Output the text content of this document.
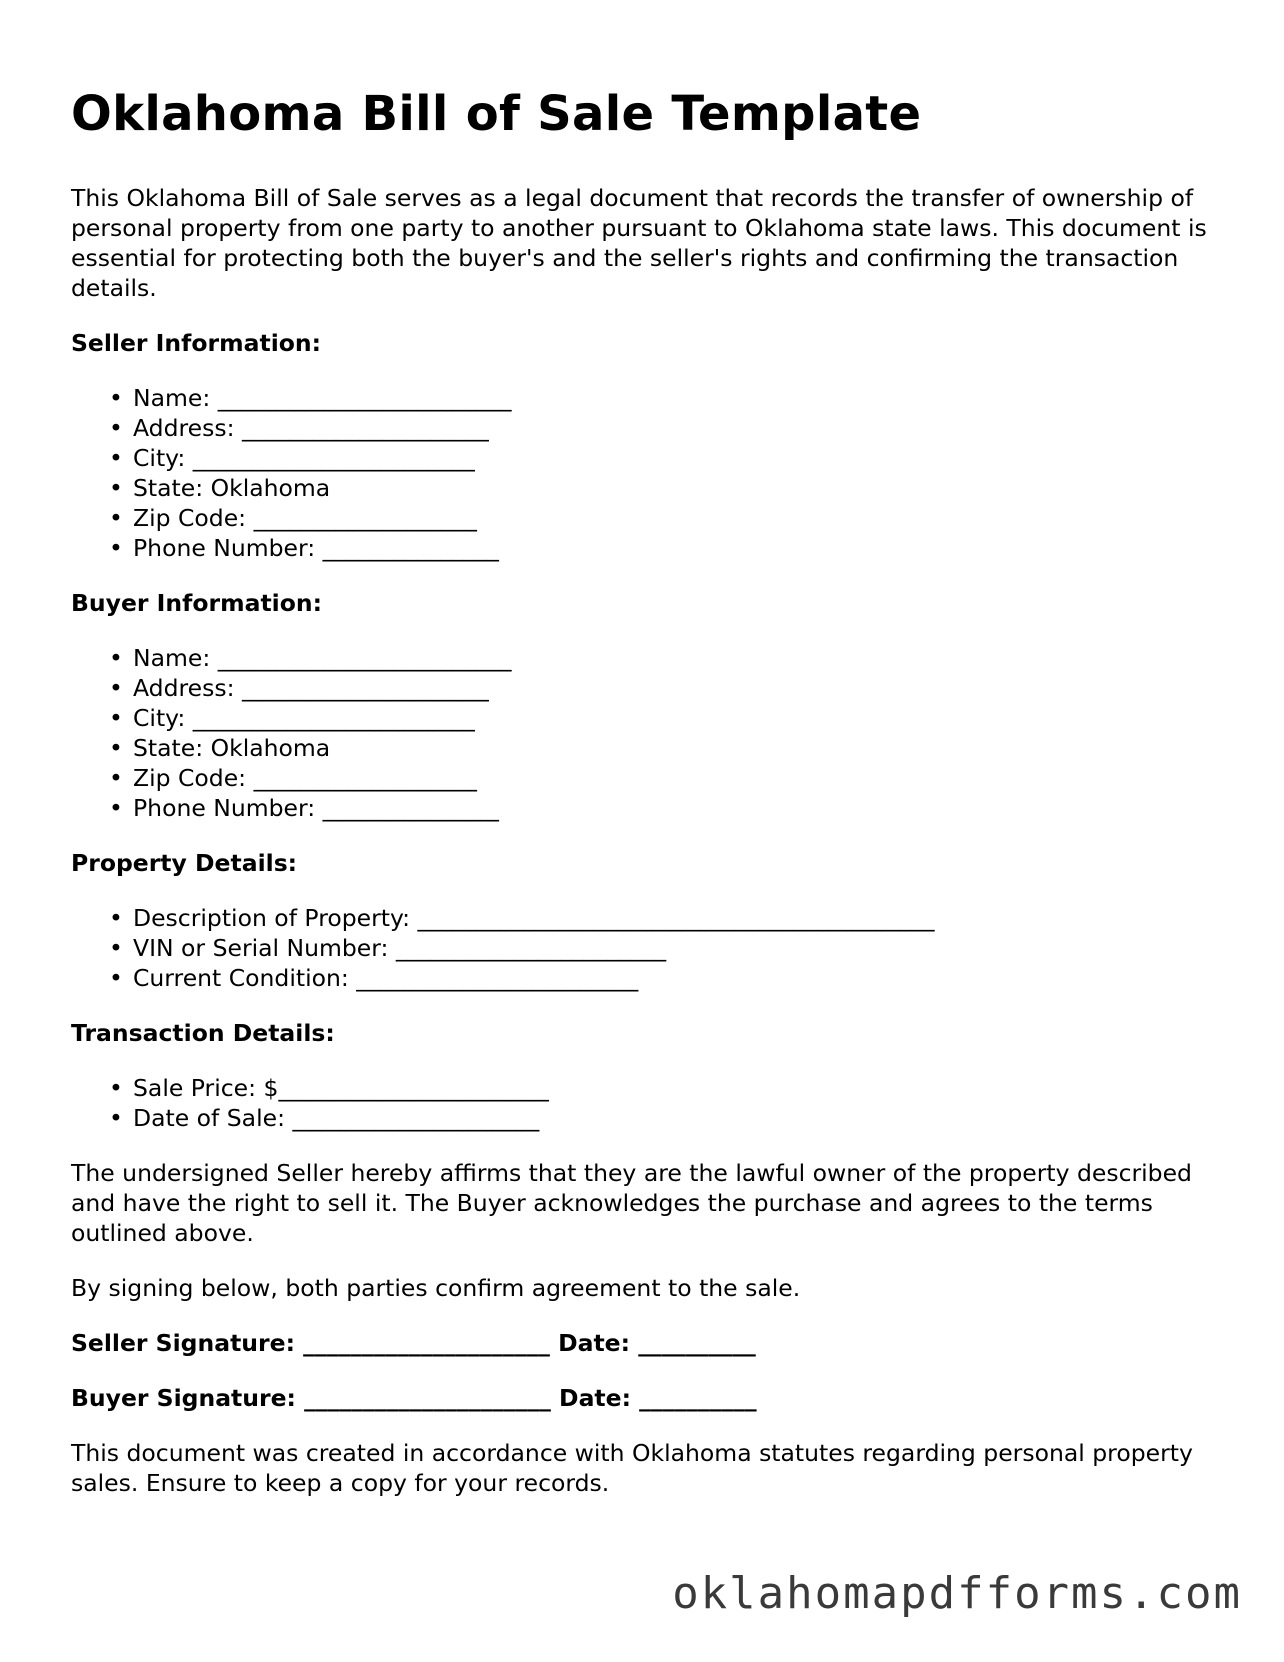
Oklahoma Bill of Sale Template

This Oklahoma Bill of Sale serves as a legal document that records the transfer of ownership of personal property from one party to another pursuant to Oklahoma state laws. This document is essential for protecting both the buyer's and the seller's rights and confirming the transaction details.

Seller Information:

• Name: _________________________
• Address: _____________________
• City: ________________________
• State: Oklahoma
• Zip Code: ___________________
• Phone Number: _______________

Buyer Information:

• Name: _________________________
• Address: _____________________
• City: ________________________
• State: Oklahoma
• Zip Code: ___________________
• Phone Number: _______________

Property Details:

• Description of Property: ____________________________________________
• VIN or Serial Number: _______________________
• Current Condition: ________________________

Transaction Details:

• Sale Price: $_______________________
• Date of Sale: _____________________

The undersigned Seller hereby affirms that they are the lawful owner of the property described and have the right to sell it. The Buyer acknowledges the purchase and agrees to the terms outlined above.

By signing below, both parties confirm agreement to the sale.

Seller Signature: _____________________ Date: __________

Buyer Signature: _____________________ Date: __________

This document was created in accordance with Oklahoma statutes regarding personal property sales. Ensure to keep a copy for your records.

oklahomapdfforms.com
